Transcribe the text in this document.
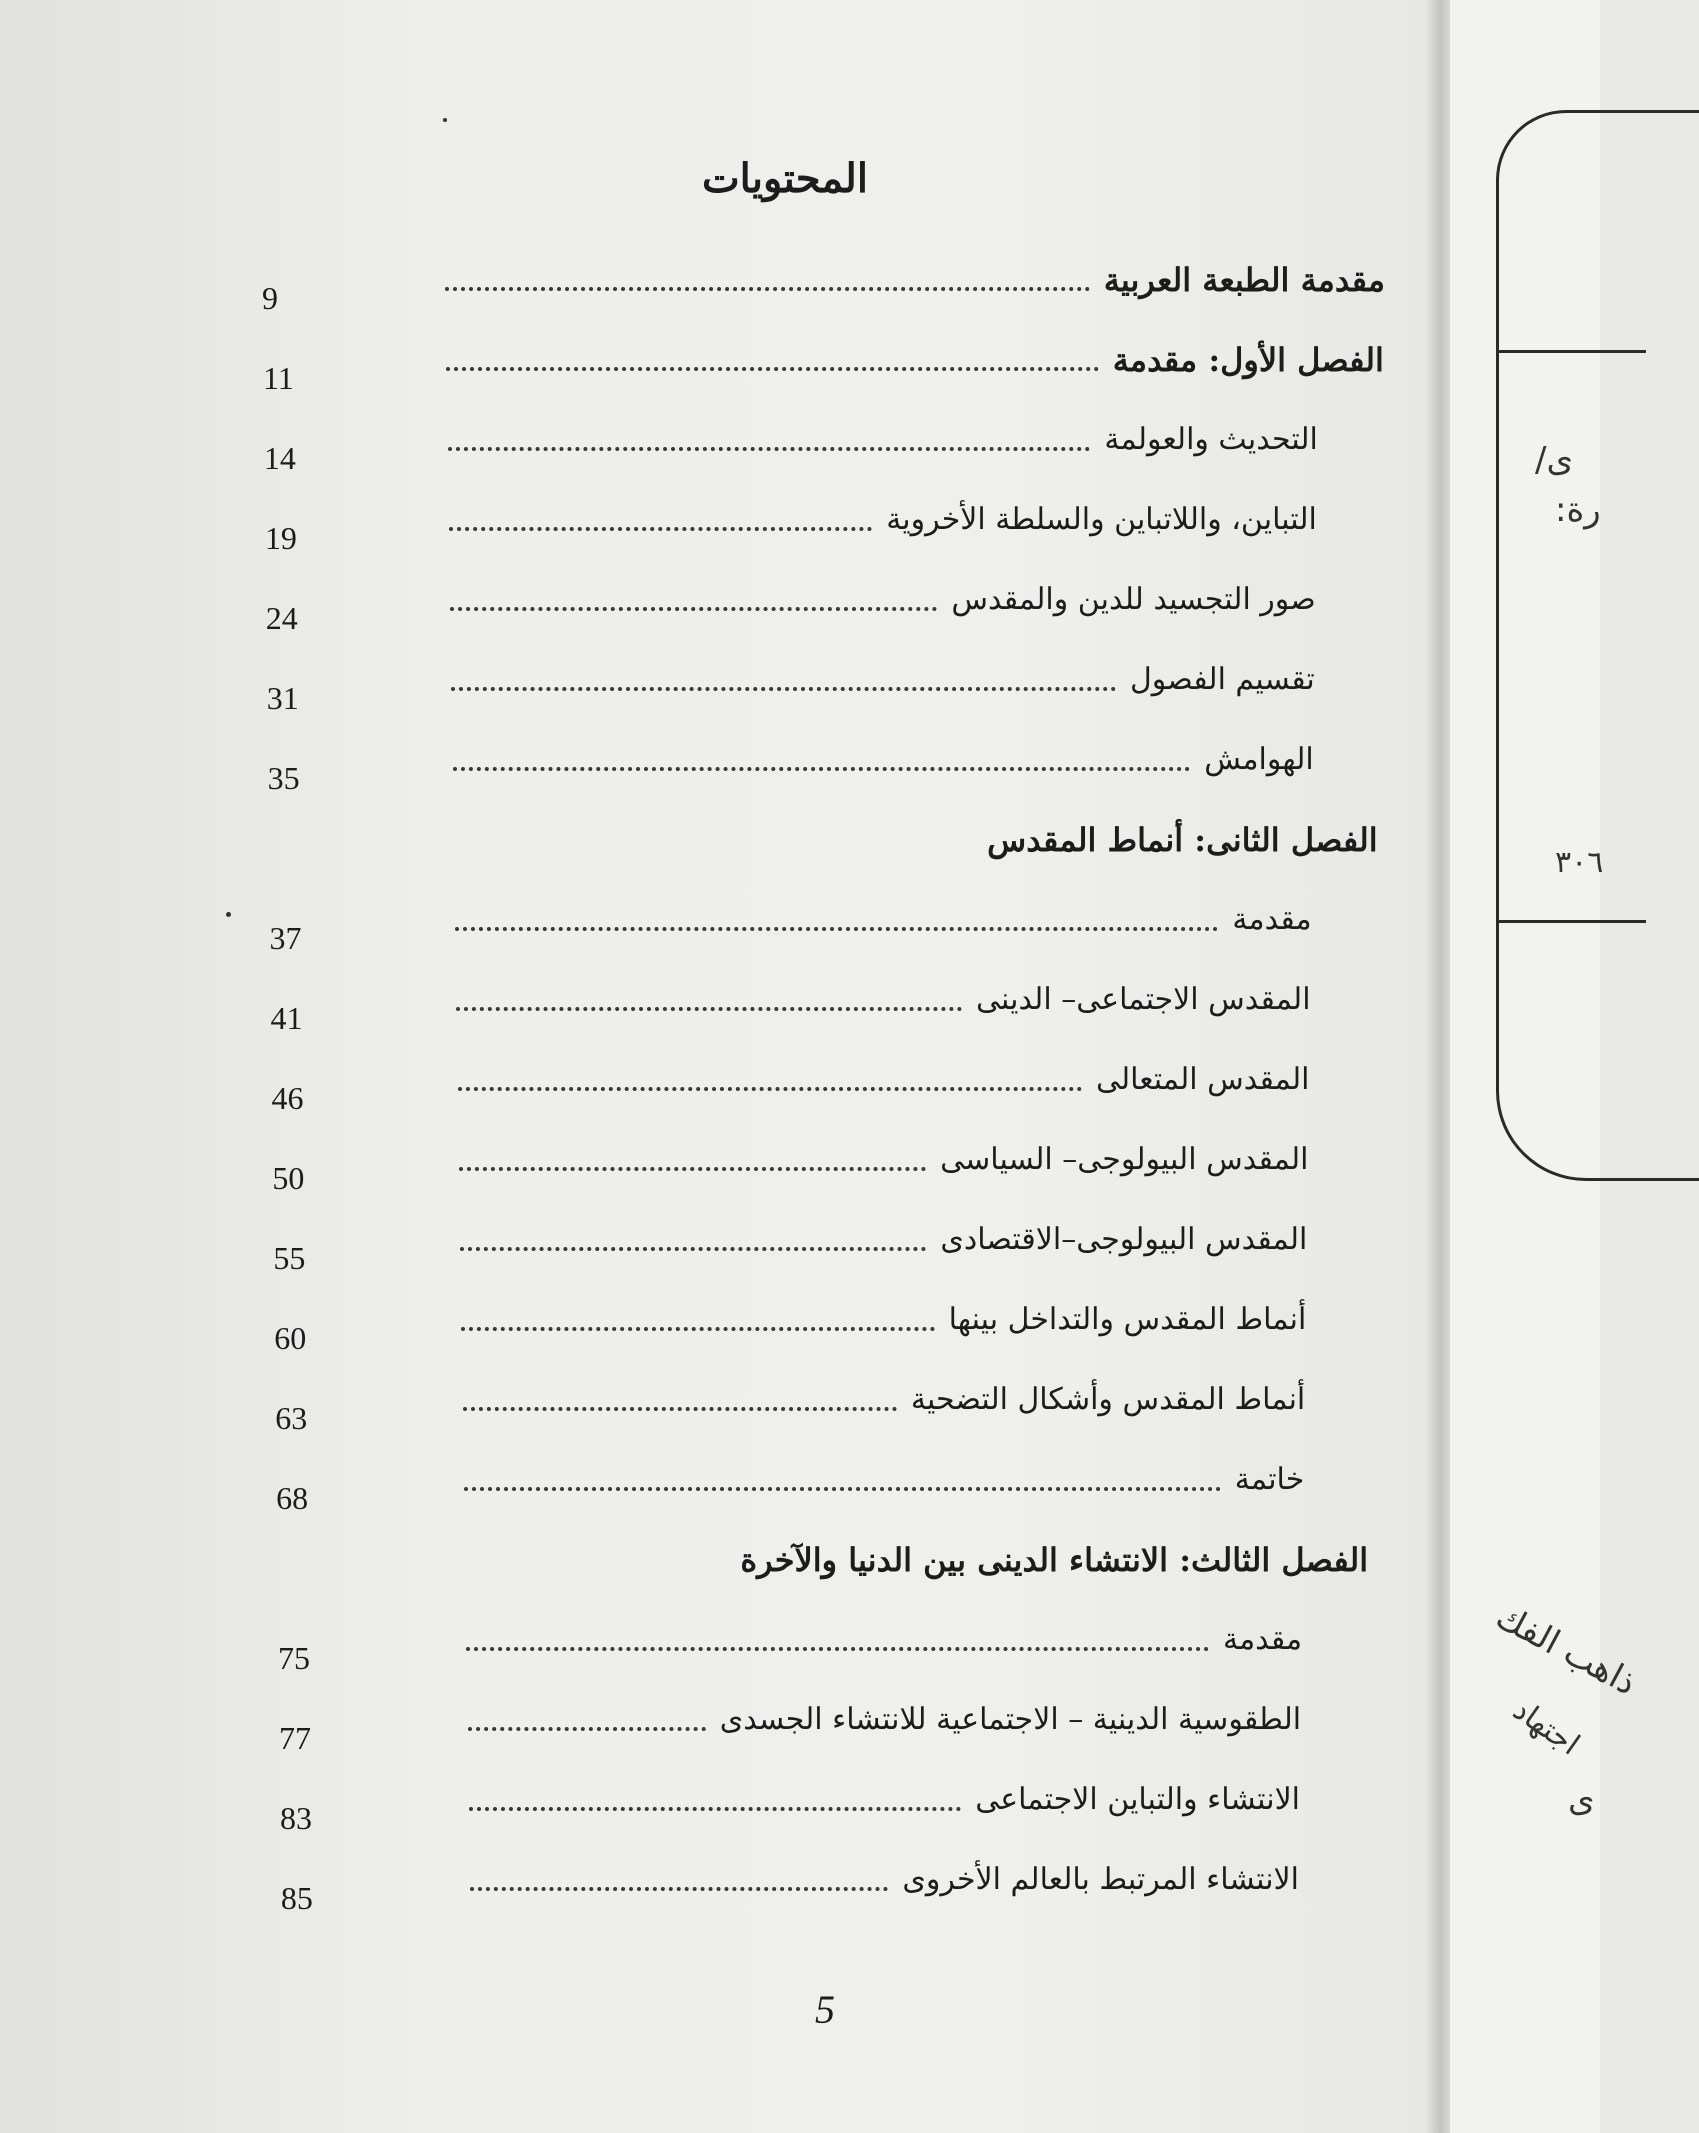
المحتويات
مقدمة الطبعة العربية
9
الفصل الأول: مقدمة
11
التحديث والعولمة
14
التباين، واللاتباين والسلطة الأخروية
19
صور التجسيد للدين والمقدس
24
تقسيم الفصول
31
الهوامش
35
الفصل الثانى: أنماط المقدس
مقدمة
37
المقدس الاجتماعى– الدينى
41
المقدس المتعالى
46
المقدس البيولوجى– السياسى
50
المقدس البيولوجى–الاقتصادى
55
أنماط المقدس والتداخل بينها
60
أنماط المقدس وأشكال التضحية
63
خاتمة
68
الفصل الثالث: الانتشاء الدينى بين الدنيا والآخرة
مقدمة
75
الطقوسية الدينية – الاجتماعية للانتشاء الجسدى
77
الانتشاء والتباين الاجتماعى
83
الانتشاء المرتبط بالعالم الأخروى
85
5
ى/
رة:
٣٠٦
ذاهب الفك
اجتهاد
ى
